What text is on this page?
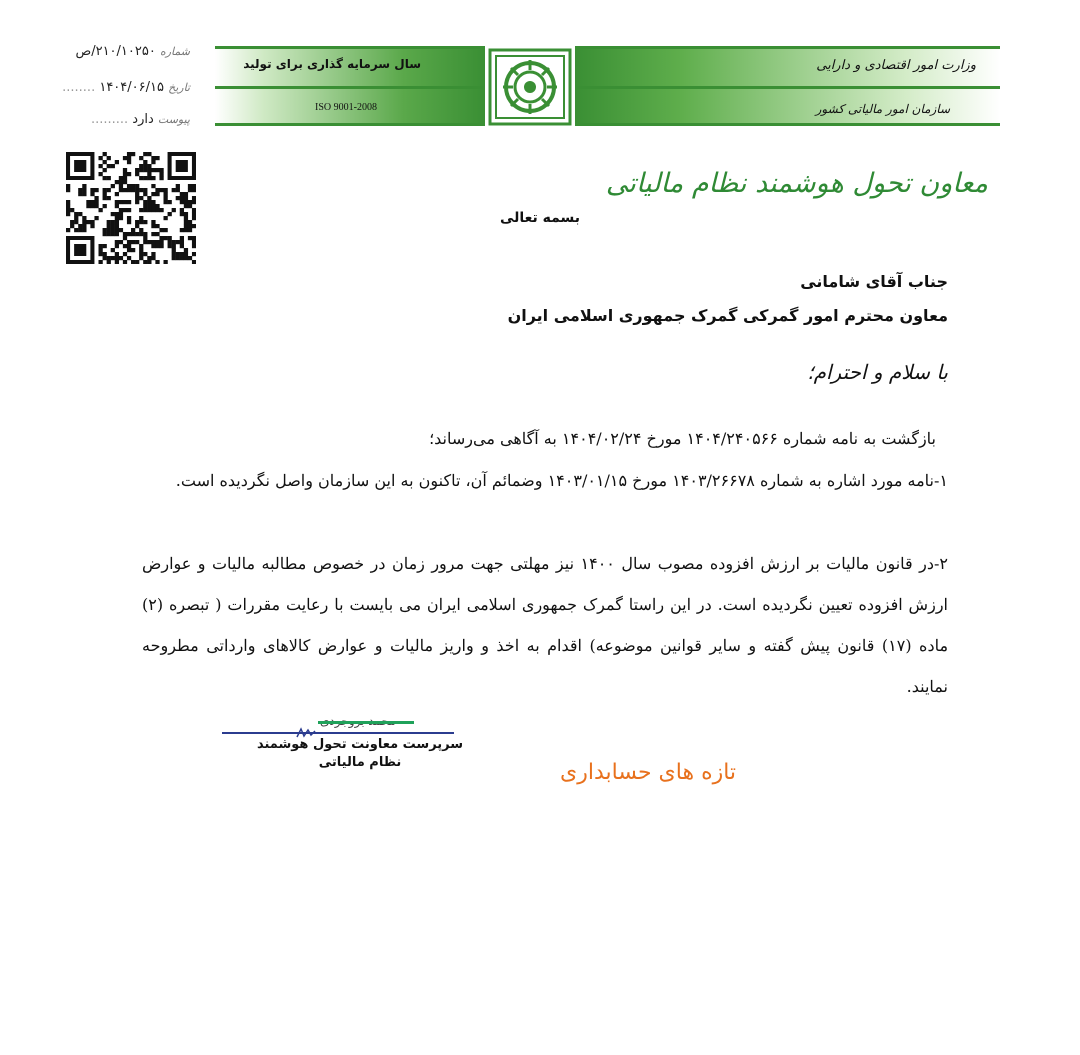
سال سرمایه گذاری برای تولید
ISO 9001-2008
وزارت امور اقتصادی و دارایی
سازمان امور مالیاتی کشور
شماره ۲۱۰/۱۰۲۵۰/ص
تاریخ ۱۴۰۴/۰۶/۱۵ ........
پیوست دارد .........
معاون تحول هوشمند نظام مالیاتی
بسمه تعالی
جناب آقای شامانی
معاون محترم امور گمرکی گمرک جمهوری اسلامی ایران
با سلام و احترام؛
بازگشت به نامه شماره ۱۴۰۴/۲۴۰۵۶۶ مورخ ۱۴۰۴/۰۲/۲۴ به آگاهی می‌رساند؛
۱-نامه مورد اشاره به شماره ۱۴۰۳/۲۶۶۷۸ مورخ ۱۴۰۳/۰۱/۱۵ وضمائم آن، تاکنون به این سازمان واصل نگردیده است.
۲-در قانون مالیات بر ارزش افزوده مصوب سال ۱۴۰۰ نیز مهلتی جهت مرور زمان در خصوص مطالبه مالیات و عوارض ارزش افزوده تعیین نگردیده است. در این راستا گمرک جمهوری اسلامی ایران می بایست با رعایت مقررات ( تبصره (۲) ماده (۱۷) قانون پیش گفته و سایر قوانین موضوعه) اقدام به اخذ و واریز مالیات و عوارض کالاهای وارداتی مطروحه نمایند.
سرپرست معاونت تحول هوشمند
نظام مالیاتی	تازه های حسابداری
